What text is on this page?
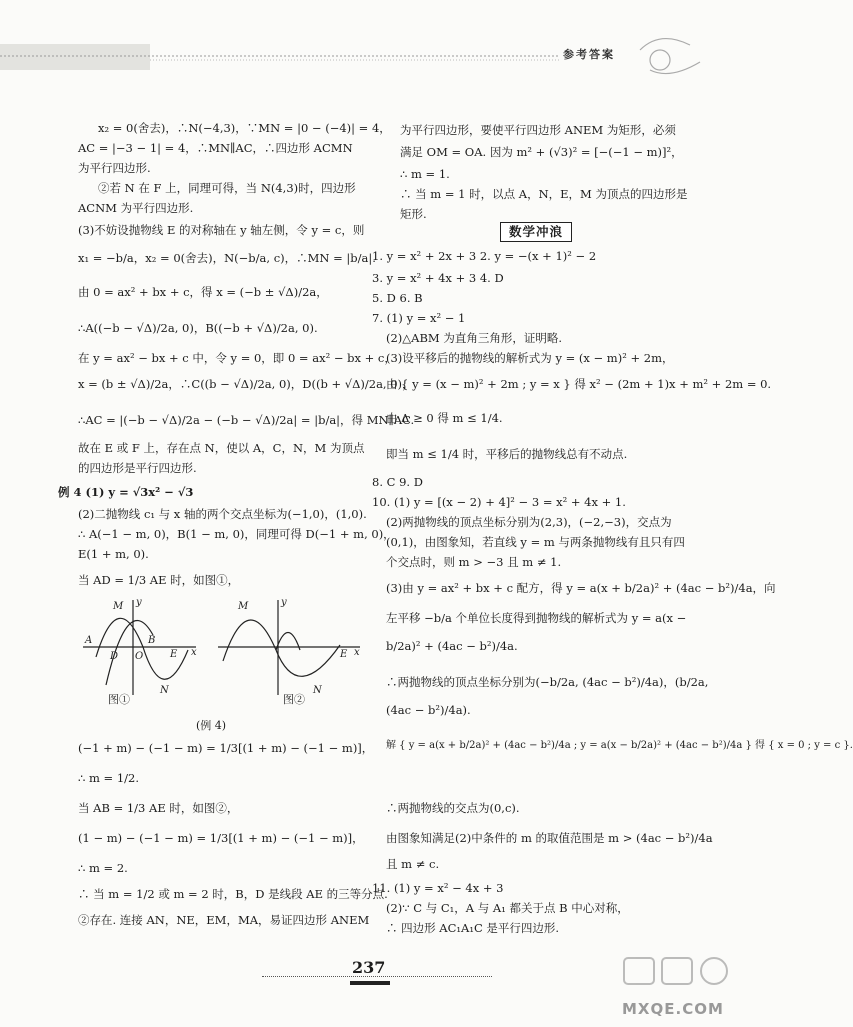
参考答案
x₂ = 0(舍去)，∴N(−4,3)，∵MN = |0 − (−4)| = 4，
AC = |−3 − 1| = 4，∴MN∥AC，∴四边形 ACMN
为平行四边形.
②若 N 在 F 上，同理可得，当 N(4,3)时，四边形
ACNM 为平行四边形.
(3)不妨设抛物线 E 的对称轴在 y 轴左侧，令 y = c，则
x₁ = −b/a，x₂ = 0(舍去)，N(−b/a, c)，∴MN = |b/a|.
由 0 = ax² + bx + c，得 x = (−b ± √Δ)/2a，
∴A((−b − √Δ)/2a, 0)，B((−b + √Δ)/2a, 0).
在 y = ax² − bx + c 中，令 y = 0，即 0 = ax² − bx + c，
x = (b ± √Δ)/2a，∴C((b − √Δ)/2a, 0)，D((b + √Δ)/2a, 0)，
∴AC = |(−b − √Δ)/2a − (−b − √Δ)/2a| = |b/a|，得 MN∥AC.
故在 E 或 F 上，存在点 N，使以 A，C，N，M 为顶点
的四边形是平行四边形.
例 4 (1) y = √3x² − √3
(2)二抛物线 c₁ 与 x 轴的两个交点坐标为(−1,0)，(1,0).
∴ A(−1 − m, 0)，B(1 − m, 0)，同理可得 D(−1 + m, 0)，
E(1 + m, 0).
当 AD = 1/3 AE 时，如图①，
(−1 + m) − (−1 − m) = 1/3[(1 + m) − (−1 − m)]，
∴ m = 1/2.
当 AB = 1/3 AE 时，如图②，
(1 − m) − (−1 − m) = 1/3[(1 + m) − (−1 − m)]，
∴ m = 2.
∴ 当 m = 1/2 或 m = 2 时，B，D 是线段 AE 的三等分点.
②存在. 连接 AN，NE，EM，MA，易证四边形 ANEM
M y
A
D O
B
E x
N
M	y
E x
N
图①	图②
(例 4)
为平行四边形，要使平行四边形 ANEM 为矩形，必须
满足 OM = OA. 因为 m² + (√3)² = [−(−1 − m)]²，
∴ m = 1.
∴ 当 m = 1 时，以点 A，N，E，M 为顶点的四边形是
矩形.
数学冲浪
1. y = x² + 2x + 3 2. y = −(x + 1)² − 2
3. y = x² + 4x + 3 4. D
5. D 6. B
7. (1) y = x² − 1
(2)△ABM 为直角三角形，证明略.
(3)设平移后的抛物线的解析式为 y = (x − m)² + 2m，
由 { y = (x − m)² + 2m ; y = x } 得 x² − (2m + 1)x + m² + 2m = 0.
由 Δ ≥ 0 得 m ≤ 1/4.
即当 m ≤ 1/4 时，平移后的抛物线总有不动点.
8. C 9. D
10. (1) y = [(x − 2) + 4]² − 3 = x² + 4x + 1.
(2)两抛物线的顶点坐标分别为(2,3)，(−2,−3)，交点为
(0,1)，由图象知，若直线 y = m 与两条抛物线有且只有四
个交点时，则 m > −3 且 m ≠ 1.
(3)由 y = ax² + bx + c 配方，得 y = a(x + b/2a)² + (4ac − b²)/4a，向
左平移 −b/a 个单位长度得到抛物线的解析式为 y = a(x −
b/2a)² + (4ac − b²)/4a.
∴两抛物线的顶点坐标分别为(−b/2a, (4ac − b²)/4a)，(b/2a,
(4ac − b²)/4a).
解 { y = a(x + b/2a)² + (4ac − b²)/4a ; y = a(x − b/2a)² + (4ac − b²)/4a } 得 { x = 0 ; y = c }.
∴两抛物线的交点为(0,c).
由图象知满足(2)中条件的 m 的取值范围是 m > (4ac − b²)/4a
且 m ≠ c.
11. (1) y = x² − 4x + 3
(2)∵ C 与 C₁，A 与 A₁ 都关于点 B 中心对称，
∴ 四边形 AC₁A₁C 是平行四边形.
237
MXQE.COM
